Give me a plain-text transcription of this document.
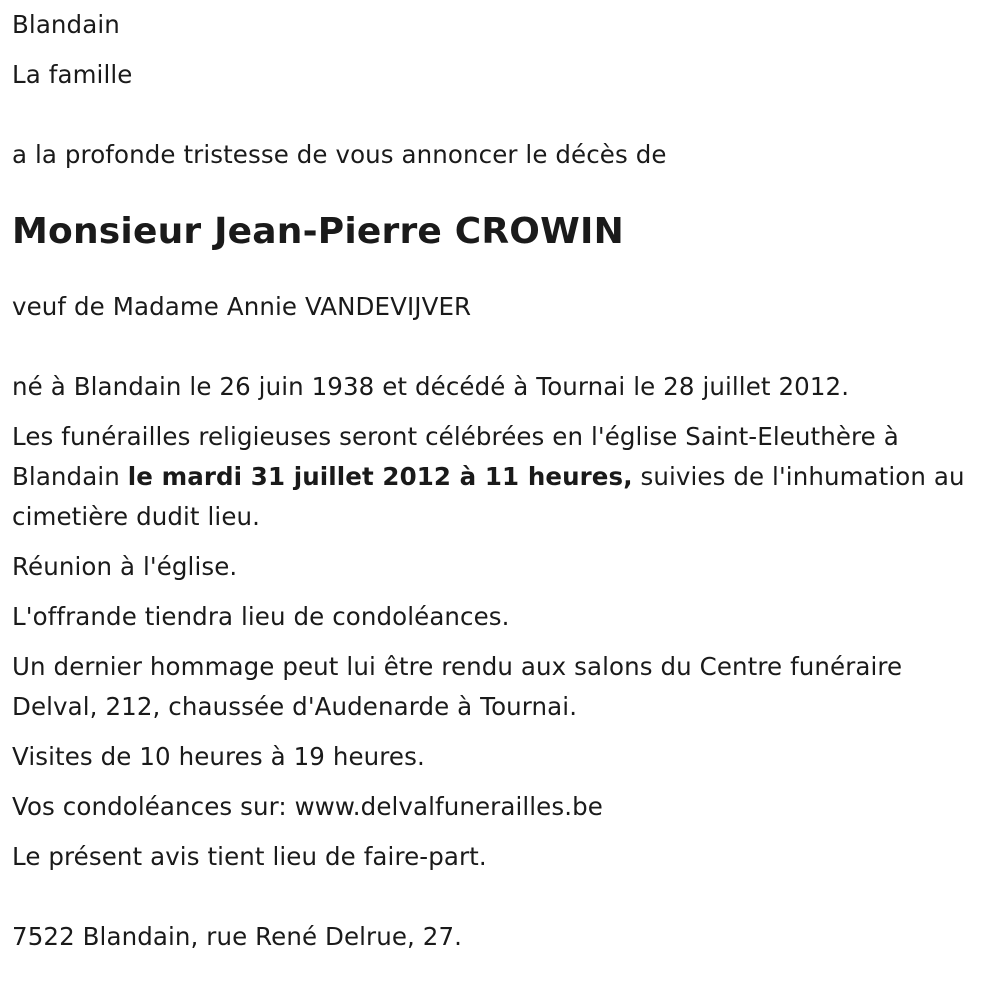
Blandain

La famille

a la profonde tristesse de vous annoncer le décès de

Monsieur Jean-Pierre CROWIN

veuf de Madame Annie VANDEVIJVER

né à Blandain le 26 juin 1938 et décédé à Tournai le 28 juillet 2012.

Les funérailles religieuses seront célébrées en l'église Saint-Eleuthère à Blandain le mardi 31 juillet 2012 à 11 heures, suivies de l'inhumation au cimetière dudit lieu.

Réunion à l'église.

L'offrande tiendra lieu de condoléances.

Un dernier hommage peut lui être rendu aux salons du Centre funéraire Delval, 212, chaussée d'Audenarde à Tournai.

Visites de 10 heures à 19 heures.

Vos condoléances sur: www.delvalfunerailles.be

Le présent avis tient lieu de faire-part.

7522 Blandain, rue René Delrue, 27.
